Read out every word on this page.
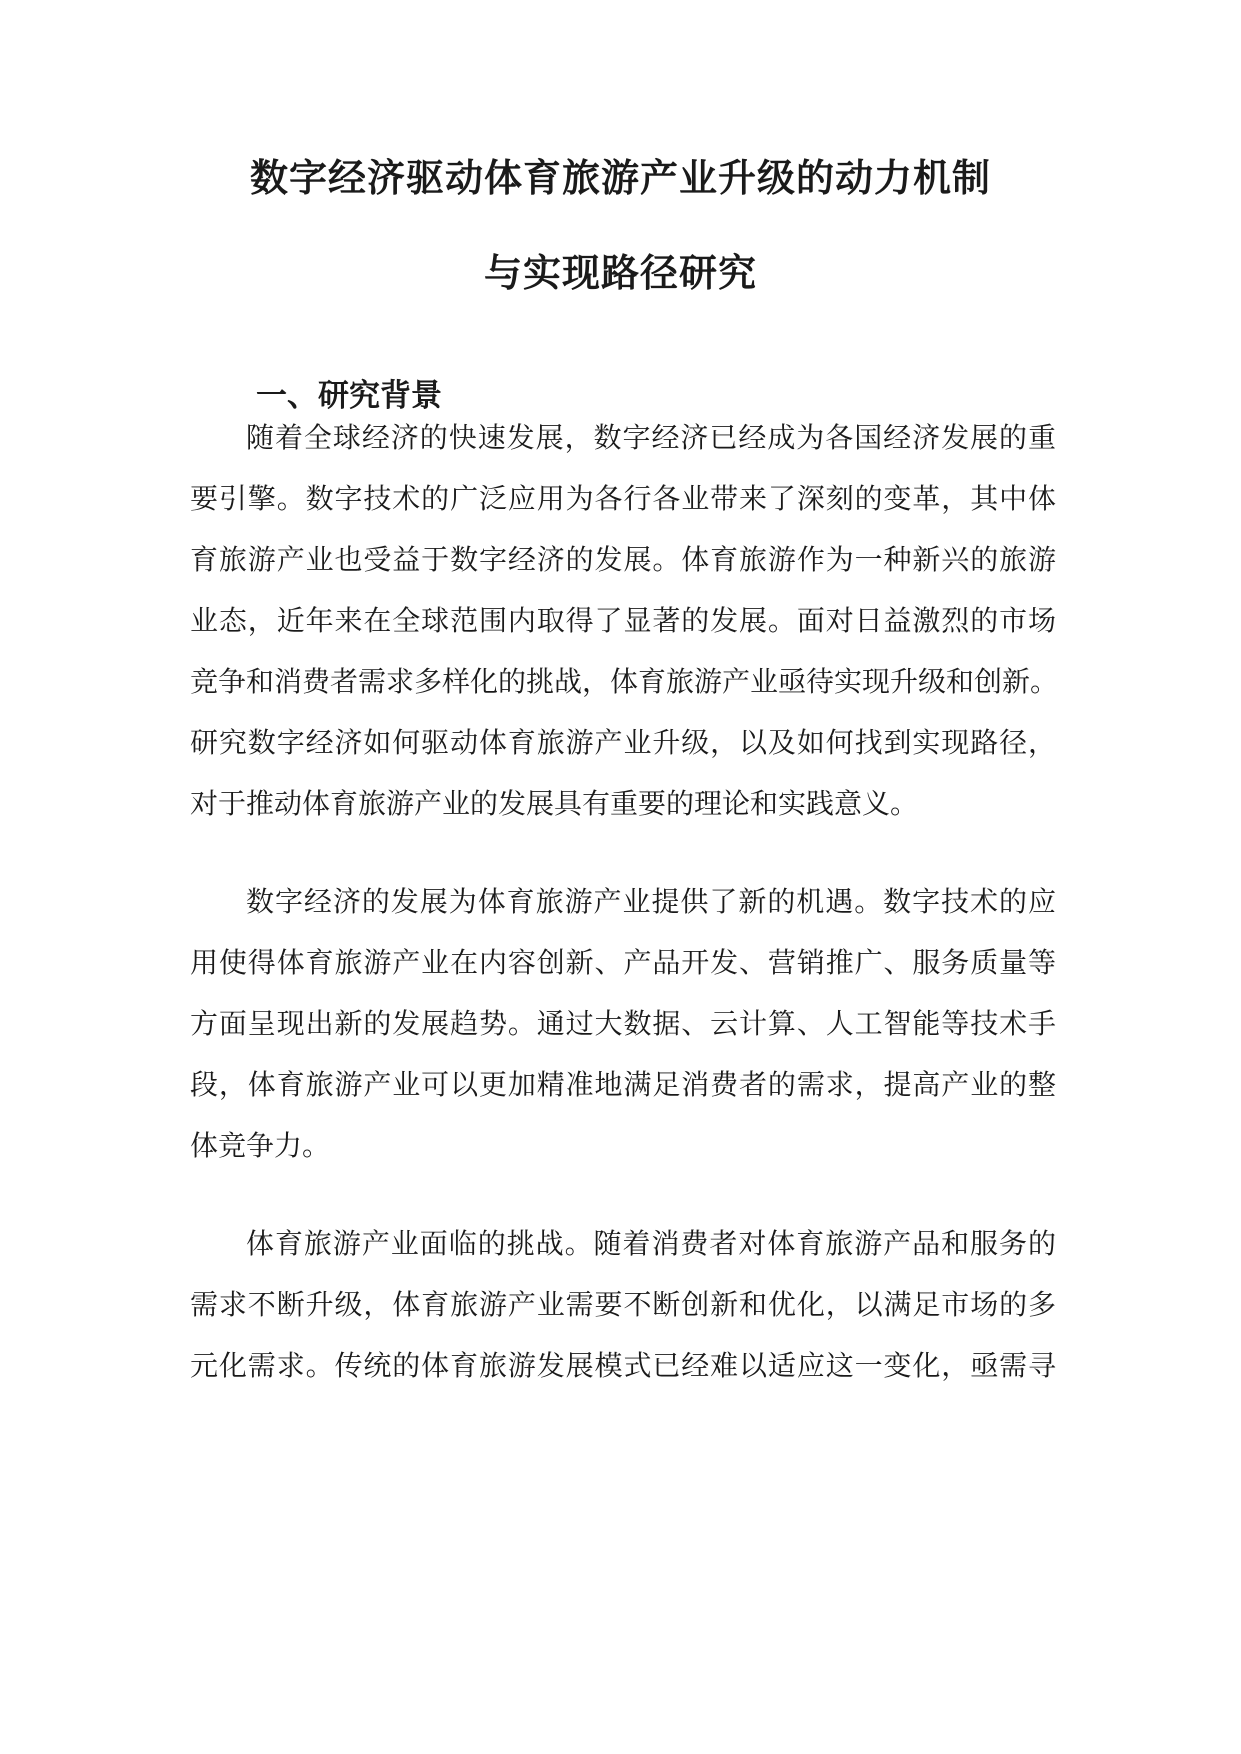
数字经济驱动体育旅游产业升级的动力机制
与实现路径研究
一、研究背景
随着全球经济的快速发展，数字经济已经成为各国经济发展的重
要引擎。数字技术的广泛应用为各行各业带来了深刻的变革，其中体
育旅游产业也受益于数字经济的发展。体育旅游作为一种新兴的旅游
业态，近年来在全球范围内取得了显著的发展。面对日益激烈的市场
竞争和消费者需求多样化的挑战，体育旅游产业亟待实现升级和创新。
研究数字经济如何驱动体育旅游产业升级，以及如何找到实现路径，
对于推动体育旅游产业的发展具有重要的理论和实践意义。
数字经济的发展为体育旅游产业提供了新的机遇。数字技术的应
用使得体育旅游产业在内容创新、产品开发、营销推广、服务质量等
方面呈现出新的发展趋势。通过大数据、云计算、人工智能等技术手
段，体育旅游产业可以更加精准地满足消费者的需求，提高产业的整
体竞争力。
体育旅游产业面临的挑战。随着消费者对体育旅游产品和服务的
需求不断升级，体育旅游产业需要不断创新和优化，以满足市场的多
元化需求。传统的体育旅游发展模式已经难以适应这一变化，亟需寻
